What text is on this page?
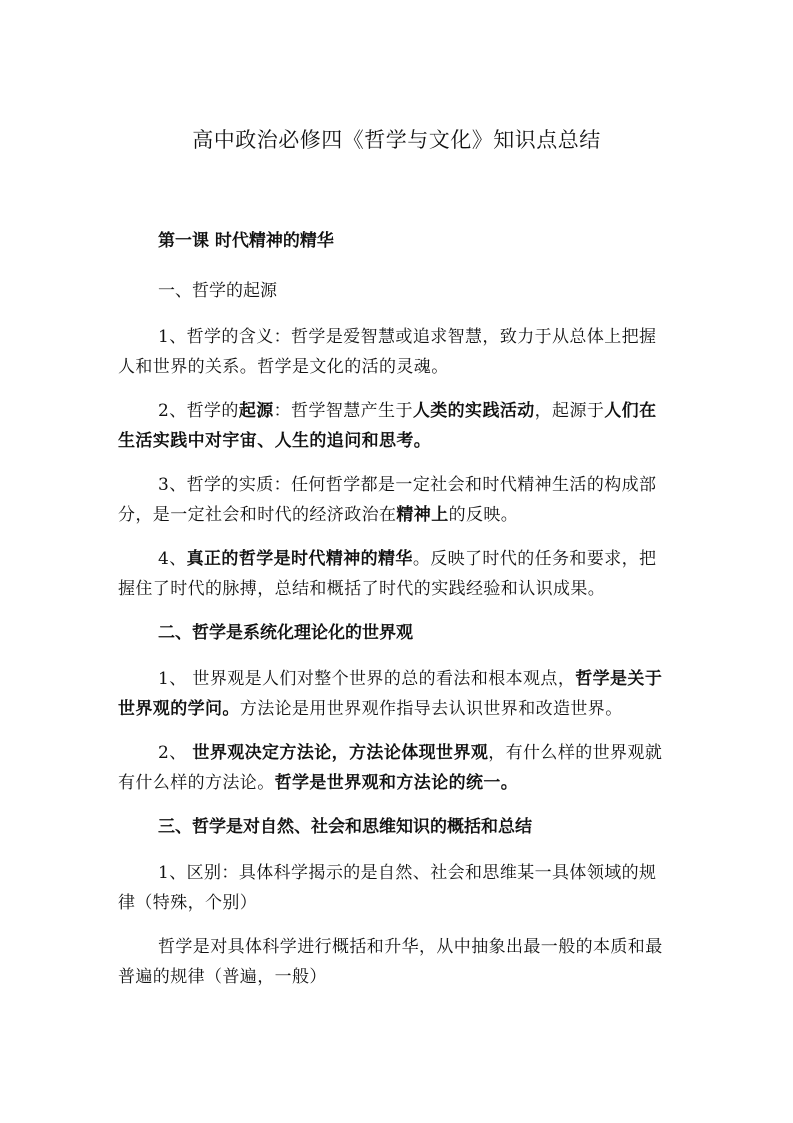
高中政治必修四《哲学与文化》知识点总结

第一课 时代精神的精华

一、哲学的起源

1、哲学的含义：哲学是爱智慧或追求智慧，致力于从总体上把握人和世界的关系。哲学是文化的活的灵魂。

2、哲学的起源：哲学智慧产生于人类的实践活动，起源于人们在生活实践中对宇宙、人生的追问和思考。

3、哲学的实质：任何哲学都是一定社会和时代精神生活的构成部分，是一定社会和时代的经济政治在精神上的反映。

4、真正的哲学是时代精神的精华。反映了时代的任务和要求，把握住了时代的脉搏，总结和概括了时代的实践经验和认识成果。

二、哲学是系统化理论化的世界观

1、 世界观是人们对整个世界的总的看法和根本观点，哲学是关于世界观的学问。方法论是用世界观作指导去认识世界和改造世界。

2、 世界观决定方法论，方法论体现世界观，有什么样的世界观就有什么样的方法论。哲学是世界观和方法论的统一。

三、哲学是对自然、社会和思维知识的概括和总结

1、区别：具体科学揭示的是自然、社会和思维某一具体领域的规律（特殊，个别）

哲学是对具体科学进行概括和升华，从中抽象出最一般的本质和最普遍的规律（普遍，一般）
